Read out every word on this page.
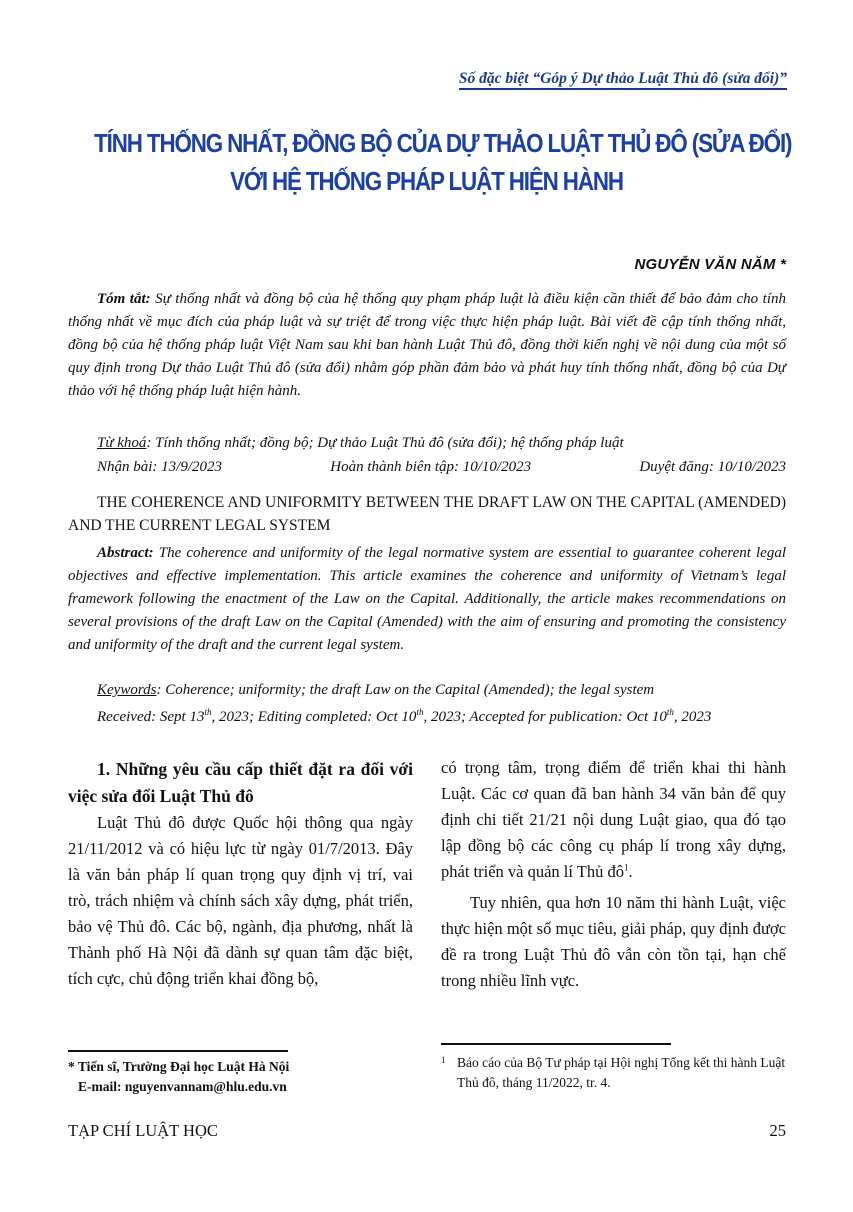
Số đặc biệt “Góp ý Dự thảo Luật Thủ đô (sửa đổi)”
TÍNH THỐNG NHẤT, ĐỒNG BỘ CỦA DỰ THẢO LUẬT THỦ ĐÔ (SỬA ĐỔI)
VỚI HỆ THỐNG PHÁP LUẬT HIỆN HÀNH
NGUYỄN VĂN NĂM *
Tóm tắt: Sự thống nhất và đồng bộ của hệ thống quy phạm pháp luật là điều kiện cần thiết để bảo đảm cho tính thống nhất về mục đích của pháp luật và sự triệt để trong việc thực hiện pháp luật. Bài viết đề cập tính thống nhất, đồng bộ của hệ thống pháp luật Việt Nam sau khi ban hành Luật Thủ đô, đồng thời kiến nghị về nội dung của một số quy định trong Dự thảo Luật Thủ đô (sửa đổi) nhằm góp phần đảm bảo và phát huy tính thống nhất, đồng bộ của Dự thảo với hệ thống pháp luật hiện hành.
Từ khoá: Tính thống nhất; đồng bộ; Dự thảo Luật Thủ đô (sửa đổi); hệ thống pháp luật
Nhận bài: 13/9/2023	Hoàn thành biên tập: 10/10/2023	Duyệt đăng: 10/10/2023
THE COHERENCE AND UNIFORMITY BETWEEN THE DRAFT LAW ON THE CAPITAL (AMENDED) AND THE CURRENT LEGAL SYSTEM
Abstract: The coherence and uniformity of the legal normative system are essential to guarantee coherent legal objectives and effective implementation. This article examines the coherence and uniformity of Vietnam’s legal framework following the enactment of the Law on the Capital. Additionally, the article makes recommendations on several provisions of the draft Law on the Capital (Amended) with the aim of ensuring and promoting the consistency and uniformity of the draft and the current legal system.
Keywords: Coherence; uniformity; the draft Law on the Capital (Amended); the legal system
Received: Sept 13th, 2023; Editing completed: Oct 10th, 2023; Accepted for publication: Oct 10th, 2023
1. Những yêu cầu cấp thiết đặt ra đối với việc sửa đổi Luật Thủ đô
Luật Thủ đô được Quốc hội thông qua ngày 21/11/2012 và có hiệu lực từ ngày 01/7/2013. Đây là văn bản pháp lí quan trọng quy định vị trí, vai trò, trách nhiệm và chính sách xây dựng, phát triển, bảo vệ Thủ đô. Các bộ, ngành, địa phương, nhất là Thành phố Hà Nội đã dành sự quan tâm đặc biệt, tích cực, chủ động triển khai đồng bộ,
có trọng tâm, trọng điểm để triển khai thi hành Luật. Các cơ quan đã ban hành 34 văn bản để quy định chi tiết 21/21 nội dung Luật giao, qua đó tạo lập đồng bộ các công cụ pháp lí trong xây dựng, phát triển và quản lí Thủ $đô^1$.
Tuy nhiên, qua hơn 10 năm thi hành Luật, việc thực hiện một số mục tiêu, giải pháp, quy định được đề ra trong Luật Thủ đô vẫn còn tồn tại, hạn chế trong nhiều lĩnh vực.
* Tiến sĩ, Trường Đại học Luật Hà Nội
E-mail: nguyenvannam@hlu.edu.vn
1 Báo cáo của Bộ Tư pháp tại Hội nghị Tổng kết thi hành Luật Thủ đô, tháng 11/2022, tr. 4.
TẠP CHÍ LUẬT HỌC	25
